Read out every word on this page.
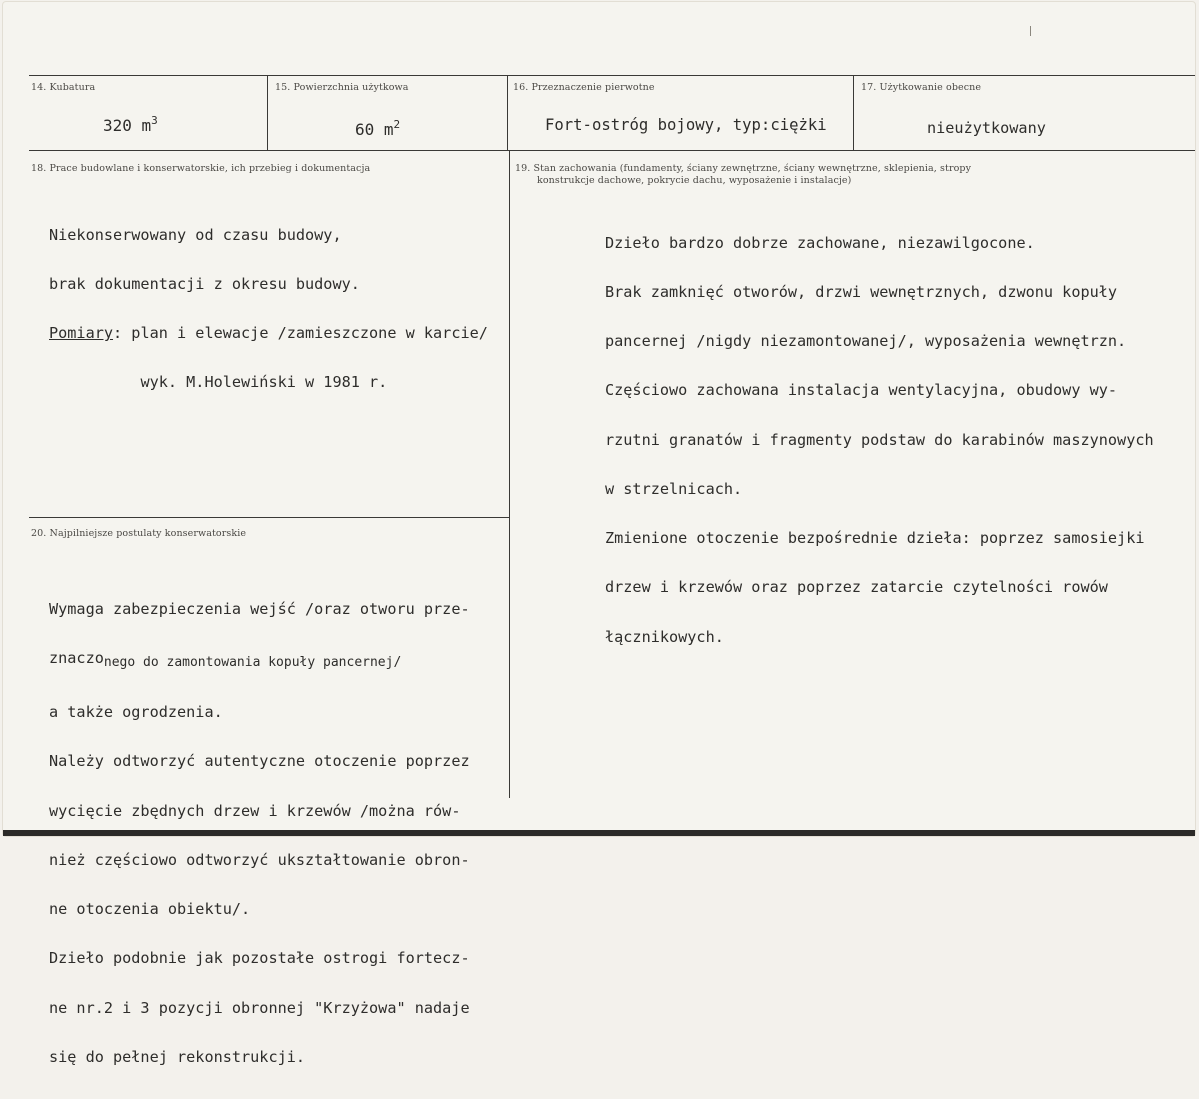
14. Kubatura
320 $m^3$
15. Powierzchnia użytkowa
60 $m^2$
16. Przeznaczenie pierwotne
Fort-ostróg bojowy, typ:ciężki
17. Użytkowanie obecne
nieużytkowany
18. Prace budowlane i konserwatorskie, ich przebieg i dokumentacja

Niekonserwowany od czasu budowy,

brak dokumentacji z okresu budowy.

Pomiary: plan i elewacje /zamieszczone w karcie/

wyk. M.Holewiński w 1981 r.

19. Stan zachowania (fundamenty, ściany zewnętrzne, ściany wewnętrzne, sklepienia, stropy
konstrukcje dachowe, pokrycie dachu, wyposażenie i instalacje)

Dzieło bardzo dobrze zachowane, niezawilgocone.

Brak zamknięć otworów, drzwi wewnętrznych, dzwonu kopuły

pancernej /nigdy niezamontowanej/, wyposażenia wewnętrzn.

Częściowo zachowana instalacja wentylacyjna, obudowy wy-

rzutni granatów i fragmenty podstaw do karabinów maszynowych

w strzelnicach.

Zmienione otoczenie bezpośrednie dzieła: poprzez samosiejki

drzew i krzewów oraz poprzez zatarcie czytelności rowów

łącznikowych.

20. Najpilniejsze postulaty konserwatorskie

Wymaga zabezpieczenia wejść /oraz otworu prze-

znaczonego do zamontowania kopuły pancernej/

a także ogrodzenia.

Należy odtworzyć autentyczne otoczenie poprzez

wycięcie zbędnych drzew i krzewów /można rów-

nież częściowo odtworzyć ukształtowanie obron-

ne otoczenia obiektu/.

Dzieło podobnie jak pozostałe ostrogi fortecz-

ne nr.2 i 3 pozycji obronnej "Krzyżowa" nadaje

się do pełnej rekonstrukcji.
